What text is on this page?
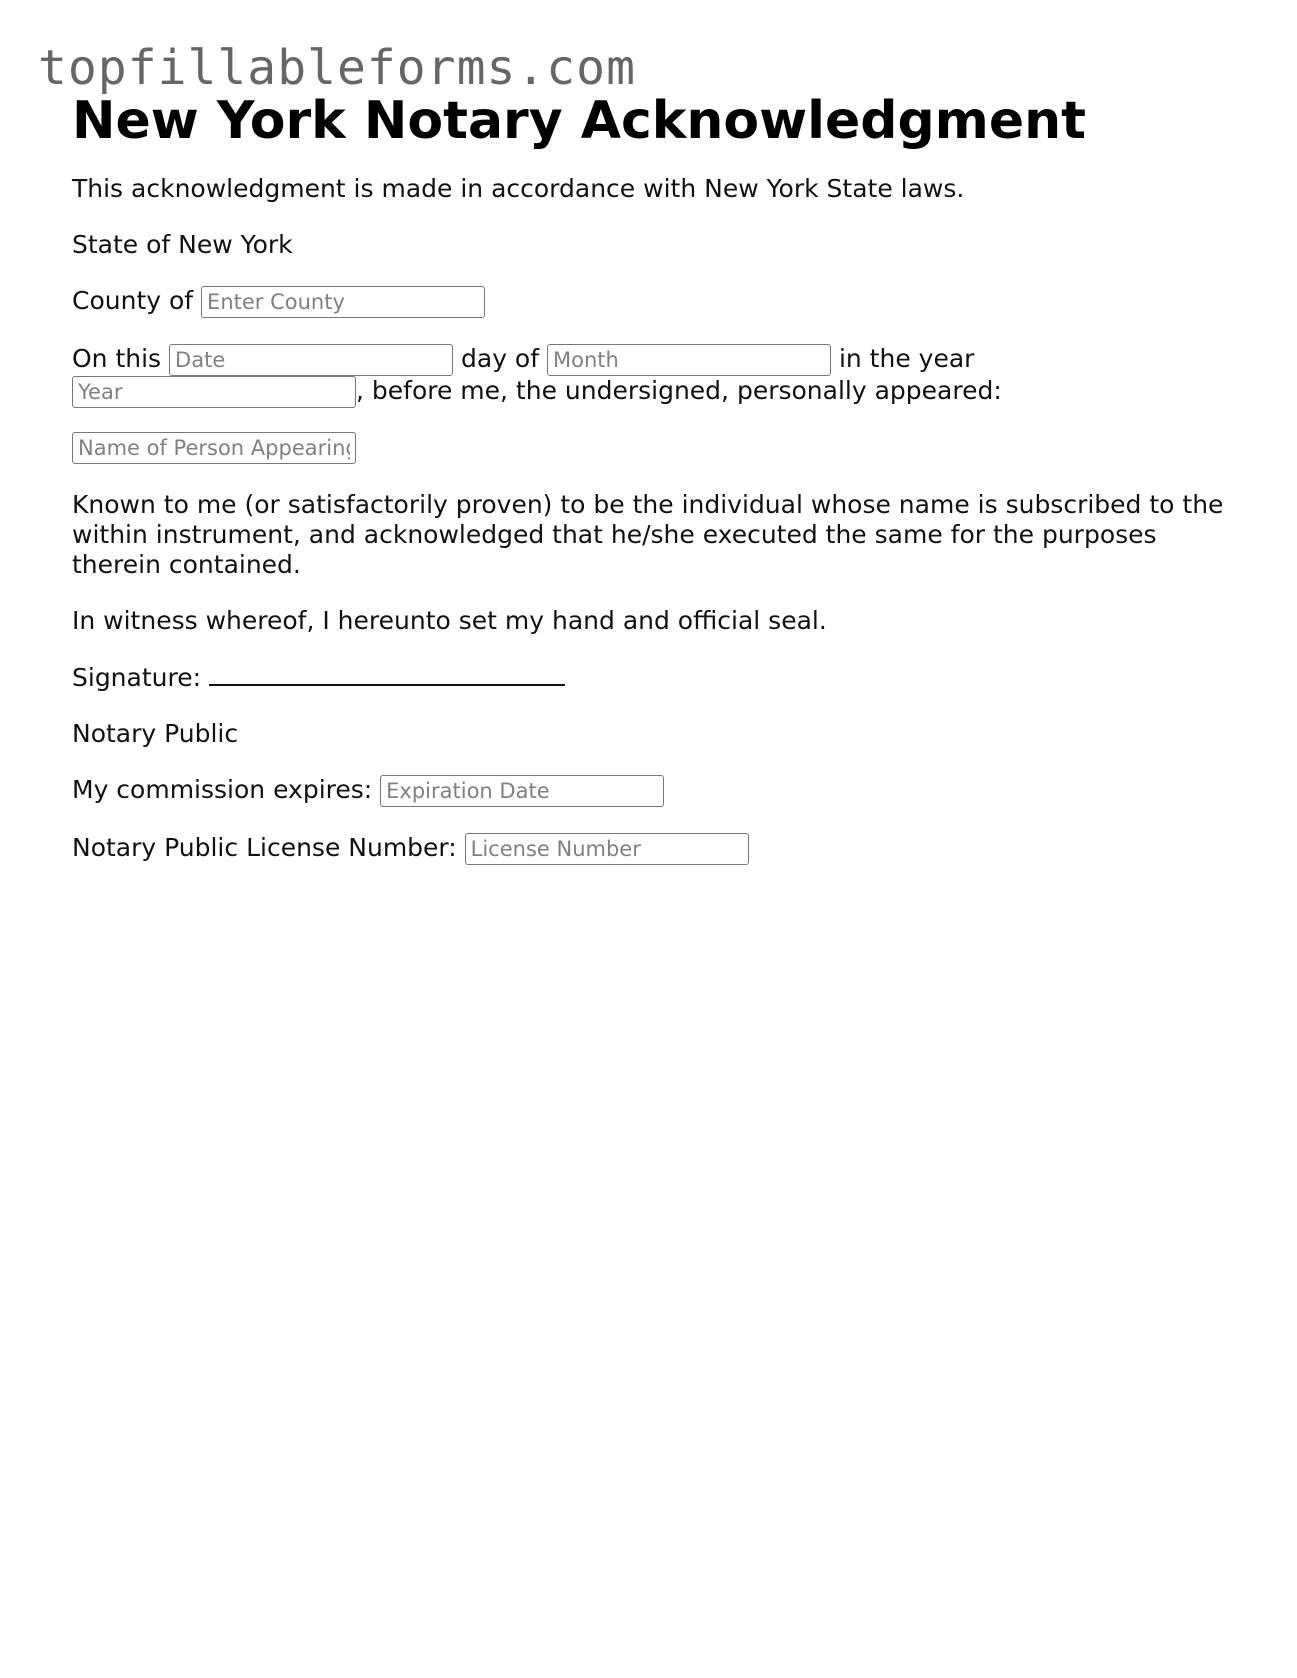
topfillableforms.com
New York Notary Acknowledgment

This acknowledgment is made in accordance with New York State laws.

State of New York

County of Enter County

On this Date	day of Month	in the year
Year, before me, the undersigned, personally appeared:

Name of Person Appearing

Known to me (or satisfactorily proven) to be the individual whose name is subscribed to the within instrument, and acknowledged that he/she executed the same for the purposes therein contained.

In witness whereof, I hereunto set my hand and official seal.

Signature:

Notary Public

My commission expires: Expiration Date

Notary Public License Number: License Number
